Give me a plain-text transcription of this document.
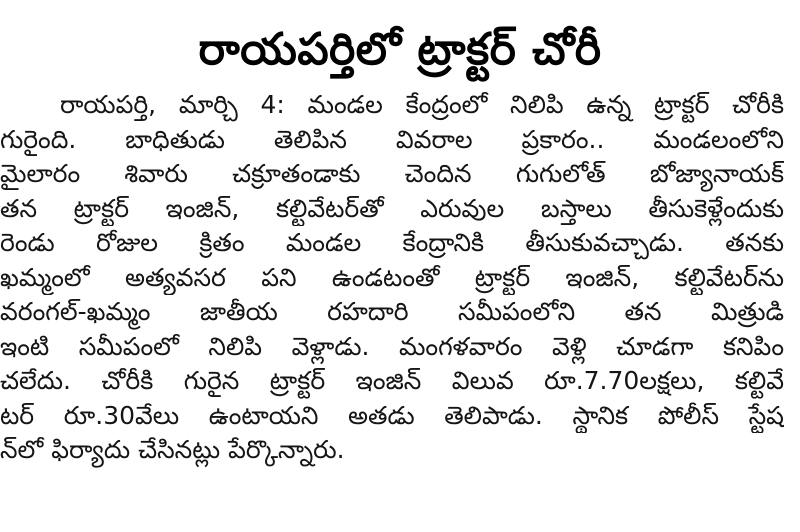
రాయపర్తిలో ట్రాక్టర్ చోరీ
రాయపర్తి, మార్చి 4: మండల కేంద్రంలో నిలిపి ఉన్న ట్రాక్టర్ చోరీకి
గురైంది. బాధితుడు తెలిపిన వివరాల ప్రకారం.. మండలంలోని
మైలారం శివారు చక్రూతండాకు చెందిన గుగులోత్ బోజ్యానాయక్
తన ట్రాక్టర్ ఇంజిన్, కల్టివేటర్‌తో ఎరువుల బస్తాలు తీసుకెళ్లేందుకు
రెండు రోజుల క్రితం మండల కేంద్రానికి తీసుకువచ్చాడు. తనకు
ఖమ్మంలో అత్యవసర పని ఉండటంతో ట్రాక్టర్ ఇంజిన్, కల్టివేటర్‌ను
వరంగల్-ఖమ్మం జాతీయ రహదారి సమీపంలోని తన మిత్రుడి
ఇంటి సమీపంలో నిలిపి వెళ్లాడు. మంగళవారం వెళ్లి చూడగా కనిపిం
చలేదు. చోరీకి గురైన ట్రాక్టర్ ఇంజిన్ విలువ రూ.7.70లక్షలు, కల్టివే
టర్ రూ.30వేలు ఉంటాయని అతడు తెలిపాడు. స్థానిక పోలీస్ స్టేష
న్‌లో ఫిర్యాదు చేసినట్లు పేర్కొన్నారు.
